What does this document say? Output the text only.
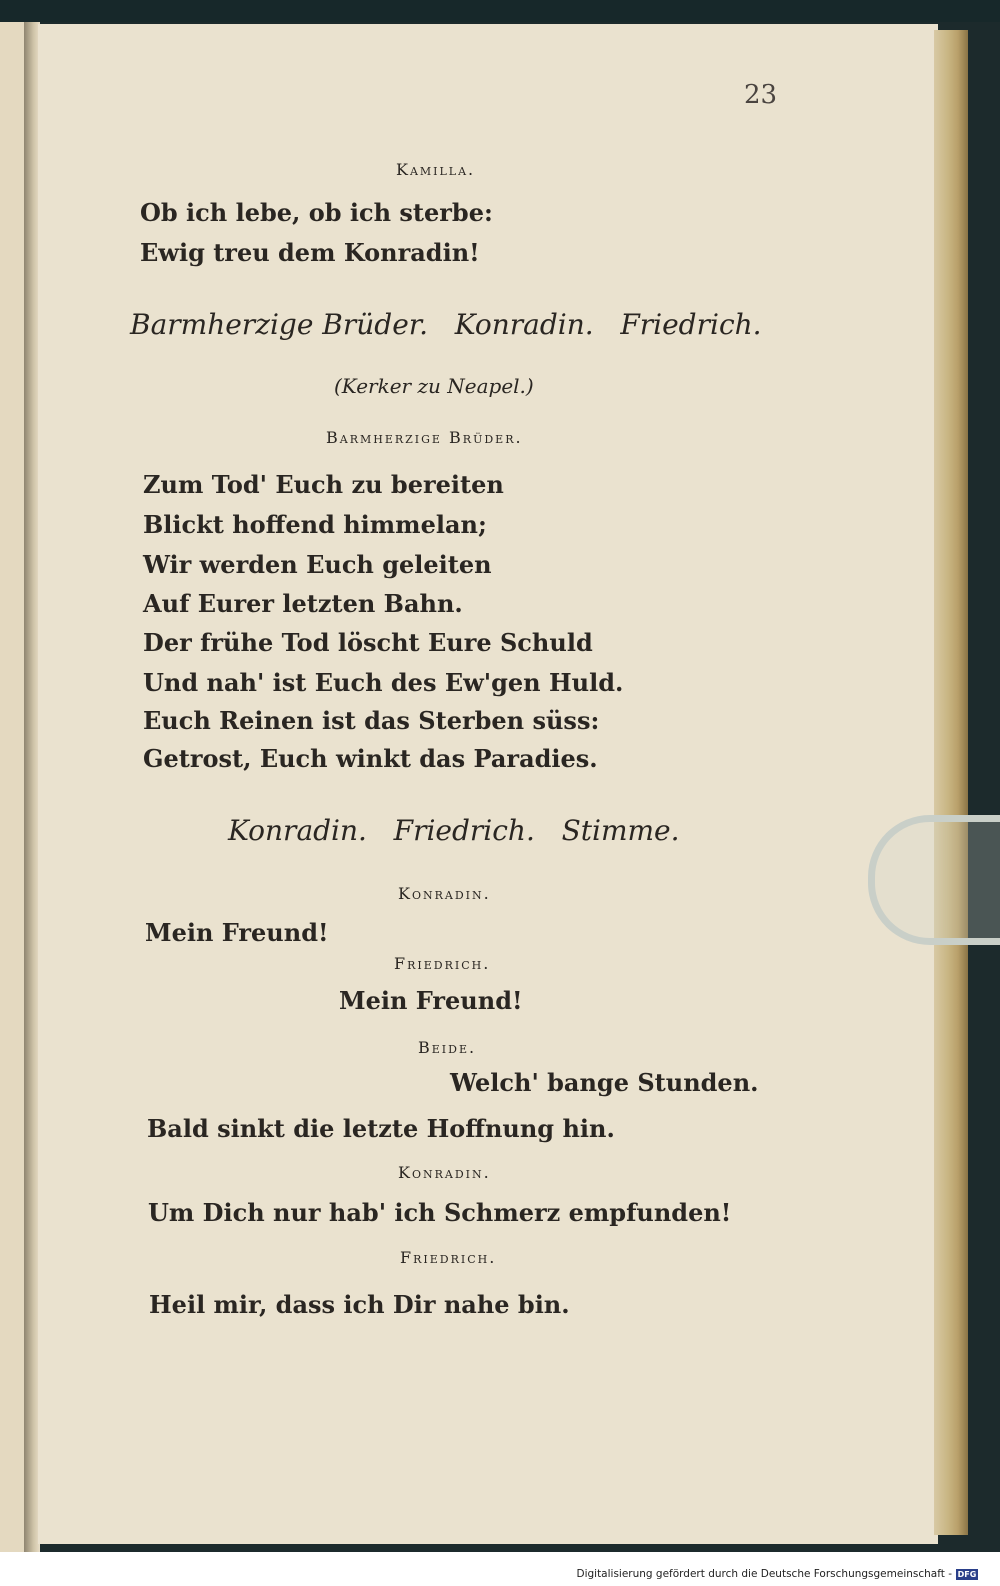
23
Kamilla.
Ob ich lebe, ob ich sterbe:
Ewig treu dem Konradin!
Barmherzige Brüder.   Konradin.   Friedrich.
(Kerker zu Neapel.)
Barmherzige Brüder.
Zum Tod' Euch zu bereiten
Blickt hoffend himmelan;
Wir werden Euch geleiten
Auf Eurer letzten Bahn.
Der frühe Tod löscht Eure Schuld
Und nah' ist Euch des Ew'gen Huld.
Euch Reinen ist das Sterben süss:
Getrost, Euch winkt das Paradies.
Konradin.   Friedrich.   Stimme.
Konradin.
Mein Freund!
Friedrich.
Mein Freund!
Beide.
Welch' bange Stunden.
Bald sinkt die letzte Hoffnung hin.
Konradin.
Um Dich nur hab' ich Schmerz empfunden!
Friedrich.
Heil mir, dass ich Dir nahe bin.
Digitalisierung gefördert durch die Deutsche Forschungsgemeinschaft - DFG
